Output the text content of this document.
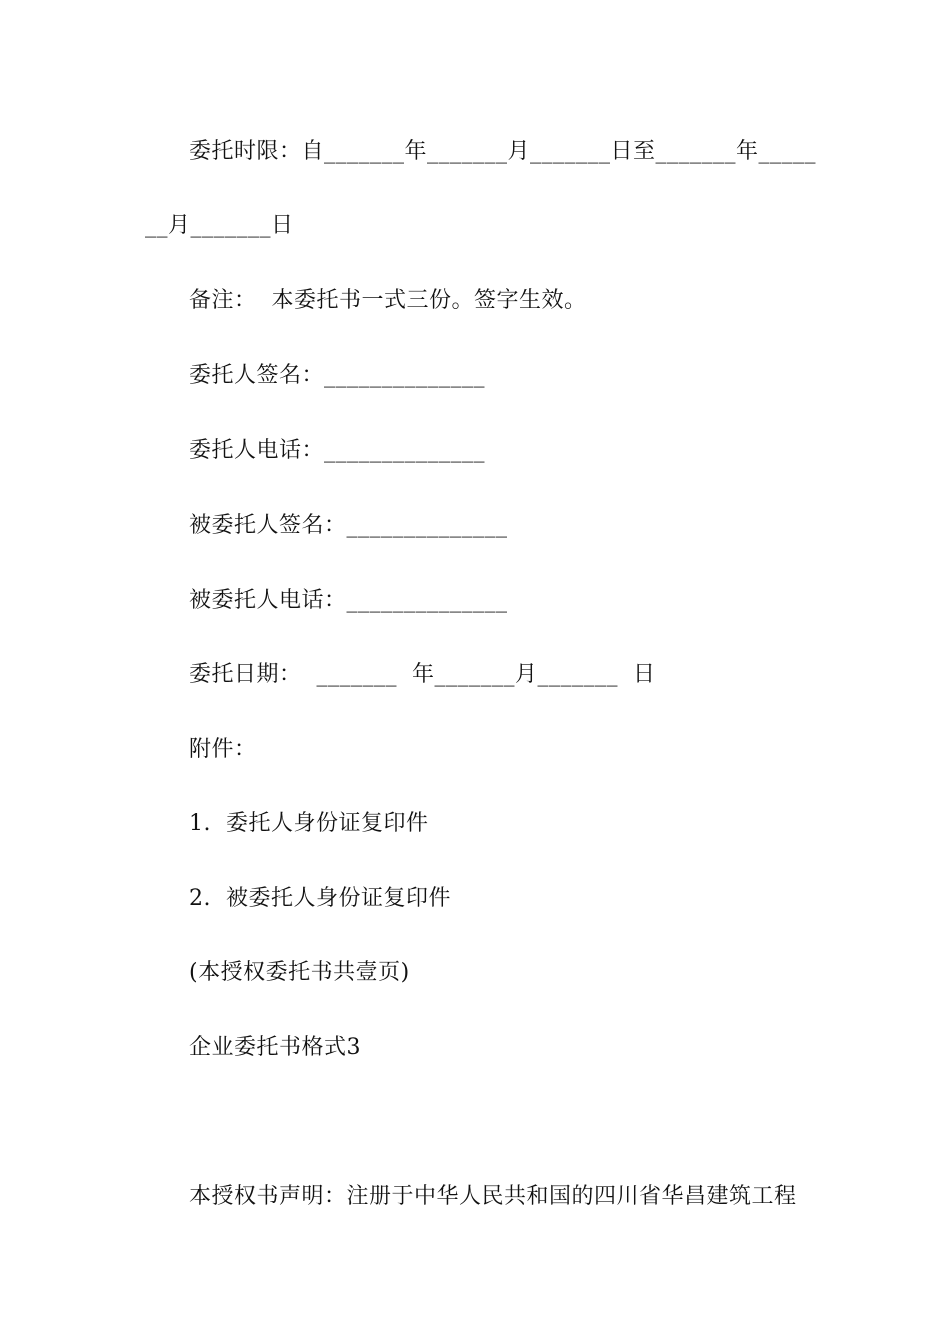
委托时限：自_______年_______月_______日至_______年_____
__月_______日
备注：  本委托书一式三份。签字生效。
委托人签名：______________
委托人电话：______________
被委托人签名：______________
被委托人电话：______________
委托日期：  _______  年_______月_______  日
附件：
1.  委托人身份证复印件
2.  被委托人身份证复印件
(本授权委托书共壹页)
企业委托书格式3
本授权书声明：注册于中华人民共和国的四川省华昌建筑工程
